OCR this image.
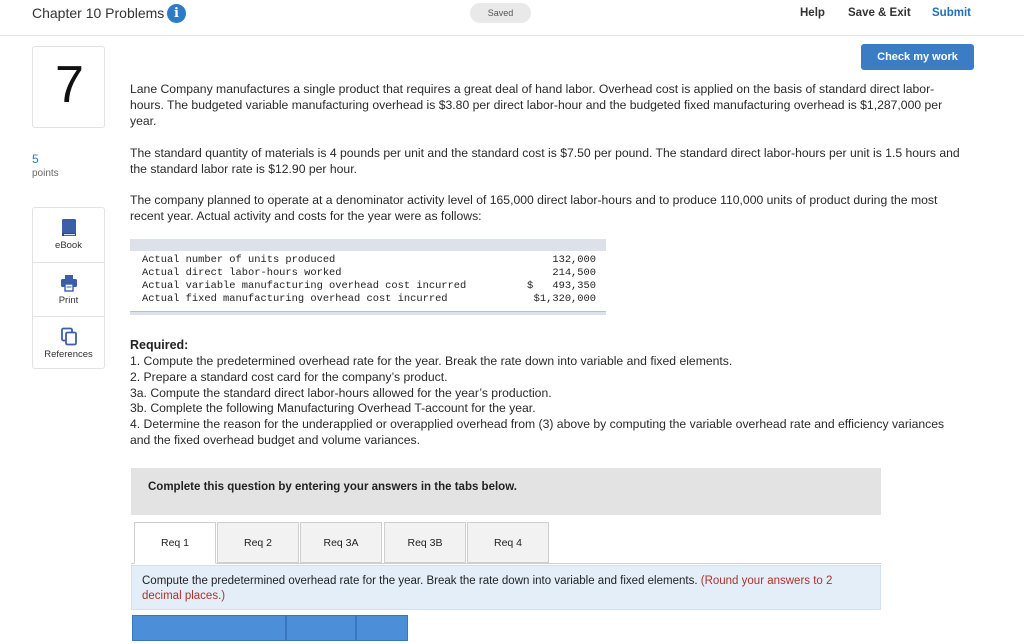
Chapter 10 Problems i	Saved	Help Save & Exit Submit
7
5
points
eBook
Print
References
Check my work

Lane Company manufactures a single product that requires a great deal of hand labor. Overhead cost is applied on the basis of standard direct labor-hours. The budgeted variable manufacturing overhead is $3.80 per direct labor-hour and the budgeted fixed manufacturing overhead is $1,287,000 per year.

The standard quantity of materials is 4 pounds per unit and the standard cost is $7.50 per pound. The standard direct labor-hours per unit is 1.5 hours and the standard labor rate is $12.90 per hour.

The company planned to operate at a denominator activity level of 165,000 direct labor-hours and to produce 110,000 units of product during the most recent year. Actual activity and costs for the year were as follows:

Actual number of units produced	132,000
Actual direct labor-hours worked	214,500
Actual variable manufacturing overhead cost incurred	$ 493,350
Actual fixed manufacturing overhead cost incurred	$1,320,000
Required:
1. Compute the predetermined overhead rate for the year. Break the rate down into variable and fixed elements.
2. Prepare a standard cost card for the company’s product.
3a. Compute the standard direct labor-hours allowed for the year’s production.
3b. Complete the following Manufacturing Overhead T-account for the year.
4. Determine the reason for the underapplied or overapplied overhead from (3) above by computing the variable overhead rate and efficiency variances and the fixed overhead budget and volume variances.
Complete this question by entering your answers in the tabs below.
Req 1	Req 2	Req 3A	Req 3B	Req 4
Compute the predetermined overhead rate for the year. Break the rate down into variable and fixed elements. (Round your answers to 2 decimal places.)
